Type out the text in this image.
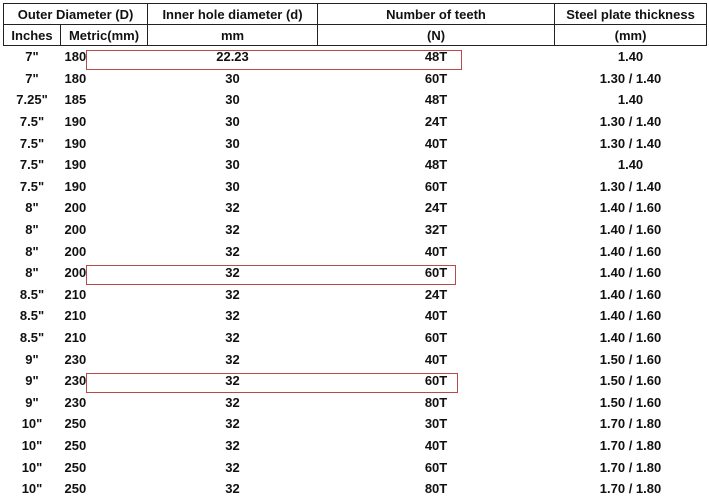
Outer Diameter (D)		Inner hole diameter (d)	Number of teeth	Steel plate thickness
Inches	Metric(mm)	mm	(N)	(mm)
7"	180	22.23	48T	1.40
7"	180	30	60T	1.30 / 1.40
7.25"	185	30	48T	1.40
7.5"	190	30	24T	1.30 / 1.40
7.5"	190	30	40T	1.30 / 1.40
7.5"	190	30	48T	1.40
7.5"	190	30	60T	1.30 / 1.40
8"	200	32	24T	1.40 / 1.60
8"	200	32	32T	1.40 / 1.60
8"	200	32	40T	1.40 / 1.60
8"	200	32	60T	1.40 / 1.60
8.5"	210	32	24T	1.40 / 1.60
8.5"	210	32	40T	1.40 / 1.60
8.5"	210	32	60T	1.40 / 1.60
9"	230	32	40T	1.50 / 1.60
9"	230	32	60T	1.50 / 1.60
9"	230	32	80T	1.50 / 1.60
10"	250	32	30T	1.70 / 1.80
10"	250	32	40T	1.70 / 1.80
10"	250	32	60T	1.70 / 1.80
10"	250	32	80T	1.70 / 1.80
